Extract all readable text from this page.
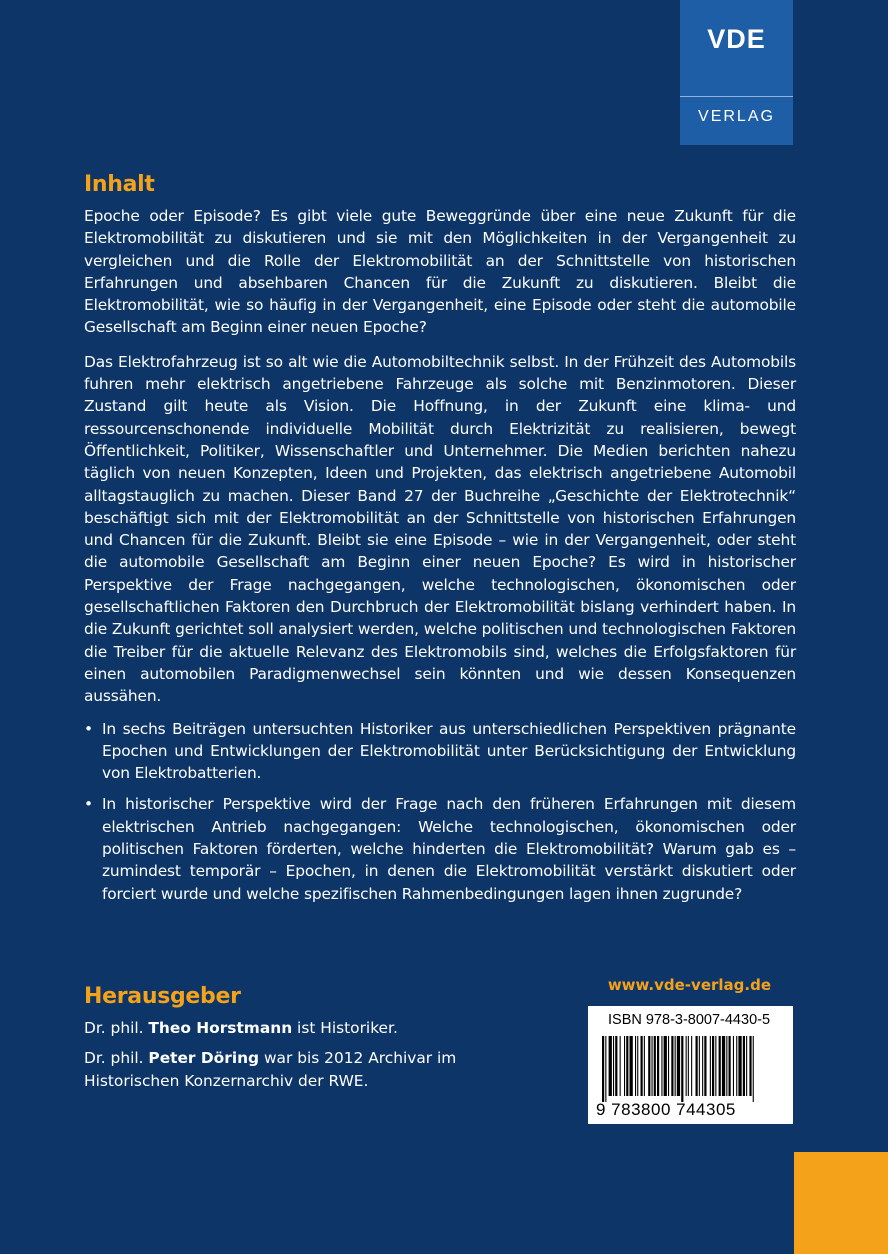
VDE
VERLAG
Inhalt

Epoche oder Episode? Es gibt viele gute Beweggründe über eine neue Zukunft für die Elektromobilität zu diskutieren und sie mit den Möglichkeiten in der Vergangenheit zu vergleichen und die Rolle der Elektromobilität an der Schnittstelle von historischen Erfahrungen und absehbaren Chancen für die Zukunft zu diskutieren. Bleibt die Elektromobilität, wie so häufig in der Vergangenheit, eine Episode oder steht die automobile Gesellschaft am Beginn einer neuen Epoche?

Das Elektrofahrzeug ist so alt wie die Automobiltechnik selbst. In der Frühzeit des Automobils fuhren mehr elektrisch angetriebene Fahrzeuge als solche mit Benzinmotoren. Dieser Zustand gilt heute als Vision. Die Hoffnung, in der Zukunft eine klima- und ressourcenschonende individuelle Mobilität durch Elektrizität zu realisieren, bewegt Öffentlichkeit, Politiker, Wissenschaftler und Unternehmer. Die Medien berichten nahezu täglich von neuen Konzepten, Ideen und Projekten, das elektrisch angetriebene Automobil alltagstauglich zu machen. Dieser Band 27 der Buchreihe „Geschichte der Elektrotechnik“ beschäftigt sich mit der Elektromobilität an der Schnittstelle von historischen Erfahrungen und Chancen für die Zukunft. Bleibt sie eine Episode – wie in der Vergangenheit, oder steht die automobile Gesellschaft am Beginn einer neuen Epoche? Es wird in historischer Perspektive der Frage nachgegangen, welche technologischen, ökonomischen oder gesellschaftlichen Faktoren den Durchbruch der Elektromobilität bislang verhindert haben. In die Zukunft gerichtet soll analysiert werden, welche politischen und technologischen Faktoren die Treiber für die aktuelle Relevanz des Elektromobils sind, welches die Erfolgsfaktoren für einen automobilen Paradigmenwechsel sein könnten und wie dessen Konsequenzen aussähen.

• In sechs Beiträgen untersuchten Historiker aus unterschiedlichen Perspektiven prägnante Epochen und Entwicklungen der Elektromobilität unter Berücksichtigung der Entwicklung von Elektrobatterien.
• In historischer Perspektive wird der Frage nach den früheren Erfahrungen mit diesem elektrischen Antrieb nachgegangen: Welche technologischen, ökonomischen oder politischen Faktoren förderten, welche hinderten die Elektromobilität? Warum gab es – zumindest temporär – Epochen, in denen die Elektromobilität verstärkt diskutiert oder forciert wurde und welche spezifischen Rahmenbedingungen lagen ihnen zugrunde?
Herausgeber

Dr. phil. Theo Horstmann ist Historiker.

Dr. phil. Peter Döring war bis 2012 Archivar im Historischen Konzernarchiv der RWE.

www.vde-verlag.de
ISBN 978-3-8007-4430-5
9 783800 744305
